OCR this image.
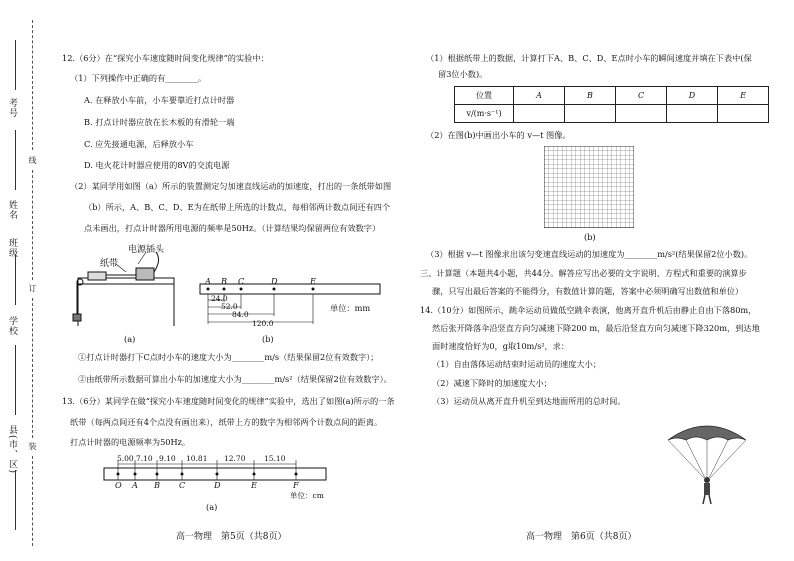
考号
姓名
班级
学校
县(市、区)
线
订
装
12.（6分）在“探究小车速度随时间变化规律”的实验中：
（1）下列操作中正确的有________。
A. 在释放小车前，小车要靠近打点计时器
B. 打点计时器应放在长木板的有滑轮一端
C. 应先接通电源，后释放小车
D. 电火花计时器应使用的8V的交流电源
（2）某同学用如图（a）所示的装置测定匀加速直线运动的加速度，打出的一条纸带如图
（b）所示，A、B、C、D、E为在纸带上所选的计数点，每相邻两计数点间还有四个
点未画出，打点计时器所用电源的频率是50Hz。（计算结果均保留两位有效数字）
电源插头
纸带
(a)
A B C	D	E
24.0
52.0
84.0
120.0
单位：mm
(b)
①打点计时器打下C点时小车的速度大小为________m/s（结果保留2位有效数字）；
②由纸带所示数据可算出小车的加速度大小为________m/s²（结果保留2位有效数字）。
13.（6分）某同学在做“探究小车速度随时间变化的规律”实验中，选出了如图(a)所示的一条
纸带（每两点间还有4个点没有画出来），纸带上方的数字为相邻两个计数点间的距离。
打点计时器的电源频率为50Hz。
5.00 7.10 9.10 10.81 12.70 15.10
O A B C	D	E	F
单位：cm
(a)
高一物理　第5页（共8页）
（1）根据纸带上的数据，计算打下A、B、C、D、E点时小车的瞬间速度并填在下表中(保
留3位小数)。
位置	A	B	C	D	E
v/(m·s⁻¹)					
（2）在图(b)中画出小车的 v—t 图像。
(b)
（3）根据 v—t 图像求出该匀变速直线运动的加速度为________m/s²(结果保留2位小数)。
三、计算题（本题共4小题，共44分。解答应写出必要的文字说明、方程式和重要的演算步
骤，只写出最后答案的不能得分，有数值计算的题，答案中必须明确写出数值和单位）
14.（10分）如图所示，跳伞运动员做低空跳伞表演，他离开直升机后由静止自由下落80m，
然后张开降落伞沿竖直方向匀减速下降200 m，最后沿竖直方向匀减速下降320m，到达地
面时速度恰好为0，g取10m/s²，求：
（1）自由落体运动结束时运动员的速度大小；
（2）减速下降时的加速度大小；
（3）运动员从离开直升机至到达地面所用的总时间。
高一物理　第6页（共8页）
